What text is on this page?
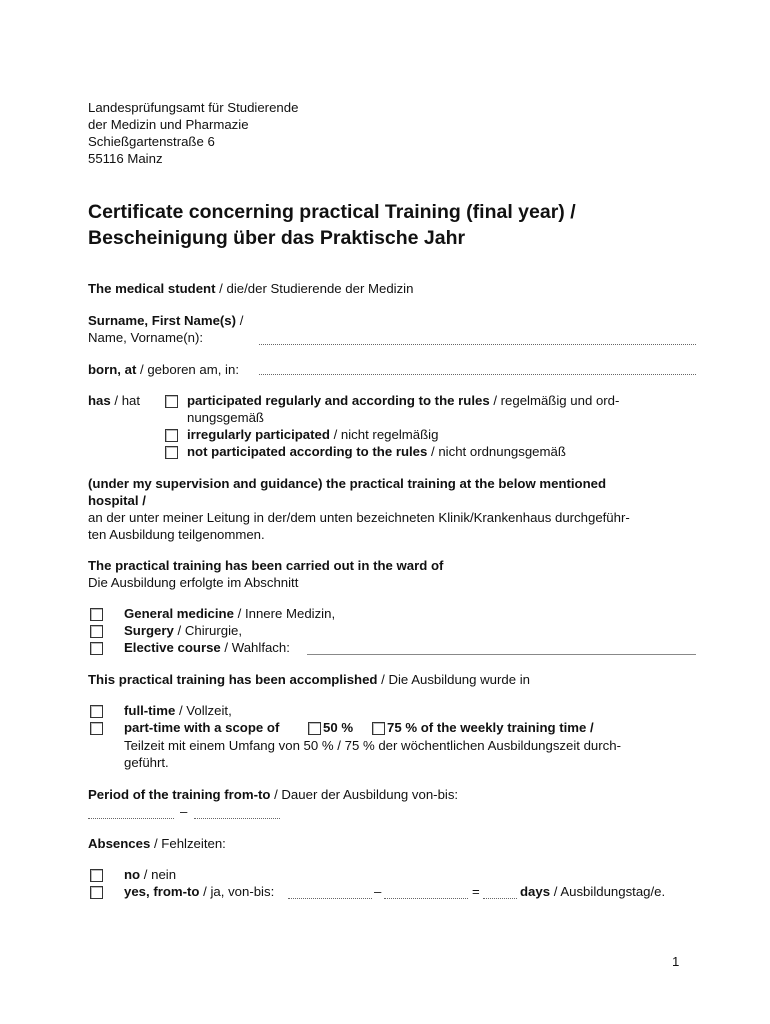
Landesprüfungsamt für Studierende
der Medizin und Pharmazie
Schießgartenstraße 6
55116 Mainz
Certificate concerning practical Training (final year) /
Bescheinigung über das Praktische Jahr
The medical student / die/der Studierende der Medizin
Surname, First Name(s) /
Name, Vorname(n):
born, at / geboren am, in:
has / hat	participated regularly and according to the rules / regelmäßig und ord-
nungsgemäß
irregularly participated / nicht regelmäßig
not participated according to the rules / nicht ordnungsgemäß
(under my supervision and guidance) the practical training at the below mentioned
hospital /
an der unter meiner Leitung in der/dem unten bezeichneten Klinik/Krankenhaus durchgeführ-
ten Ausbildung teilgenommen.
The practical training has been carried out in the ward of
Die Ausbildung erfolgte im Abschnitt
General medicine / Innere Medizin,
Surgery / Chirurgie,
Elective course / Wahlfach:
This practical training has been accomplished / Die Ausbildung wurde in
full-time / Vollzeit,
part-time with a scope of	50 %	75 % of the weekly training time /
Teilzeit mit einem Umfang von 50 % / 75 % der wöchentlichen Ausbildungszeit durch-
geführt.
Period of the training from-to / Dauer der Ausbildung von-bis:
–
Absences / Fehlzeiten:
no / nein
yes, from-to / ja, von-bis:	–	=	days / Ausbildungstag/e.
1
